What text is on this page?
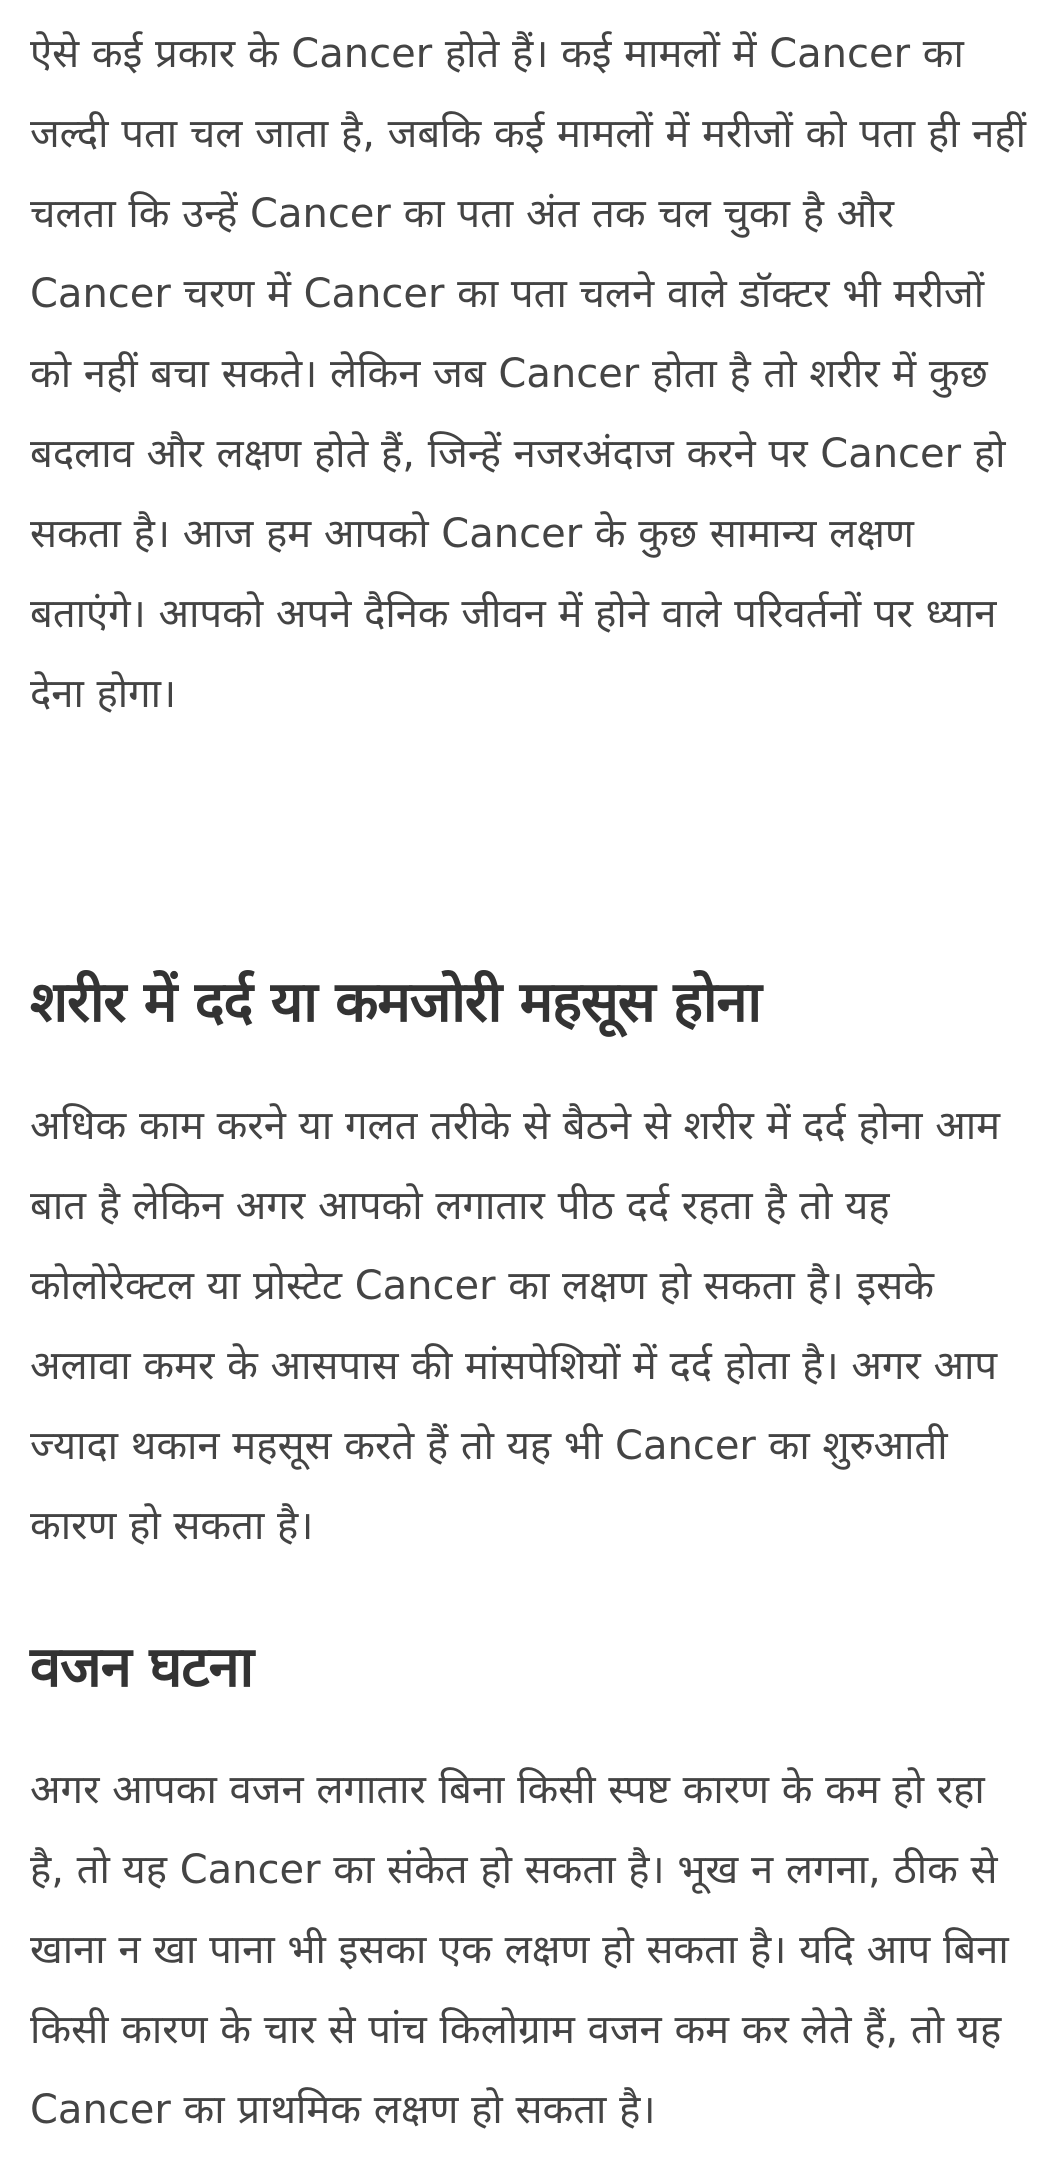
ऐसे कई प्रकार के Cancer होते हैं। कई मामलों में Cancer का जल्दी पता चल जाता है, जबकि कई मामलों में मरीजों को पता ही नहीं चलता कि उन्हें Cancer का पता अंत तक चल चुका है और Cancer चरण में Cancer का पता चलने वाले डॉक्टर भी मरीजों को नहीं बचा सकते। लेकिन जब Cancer होता है तो शरीर में कुछ बदलाव और लक्षण होते हैं, जिन्हें नजरअंदाज करने पर Cancer हो सकता है। आज हम आपको Cancer के कुछ सामान्य लक्षण बताएंगे। आपको अपने दैनिक जीवन में होने वाले परिवर्तनों पर ध्यान देना होगा।

शरीर में दर्द या कमजोरी महसूस होना

अधिक काम करने या गलत तरीके से बैठने से शरीर में दर्द होना आम बात है लेकिन अगर आपको लगातार पीठ दर्द रहता है तो यह कोलोरेक्टल या प्रोस्टेट Cancer का लक्षण हो सकता है। इसके अलावा कमर के आसपास की मांसपेशियों में दर्द होता है। अगर आप ज्यादा थकान महसूस करते हैं तो यह भी Cancer का शुरुआती कारण हो सकता है।

वजन घटना

अगर आपका वजन लगातार बिना किसी स्पष्ट कारण के कम हो रहा है, तो यह Cancer का संकेत हो सकता है। भूख न लगना, ठीक से खाना न खा पाना भी इसका एक लक्षण हो सकता है। यदि आप बिना किसी कारण के चार से पांच किलोग्राम वजन कम कर लेते हैं, तो यह Cancer का प्राथमिक लक्षण हो सकता है।
